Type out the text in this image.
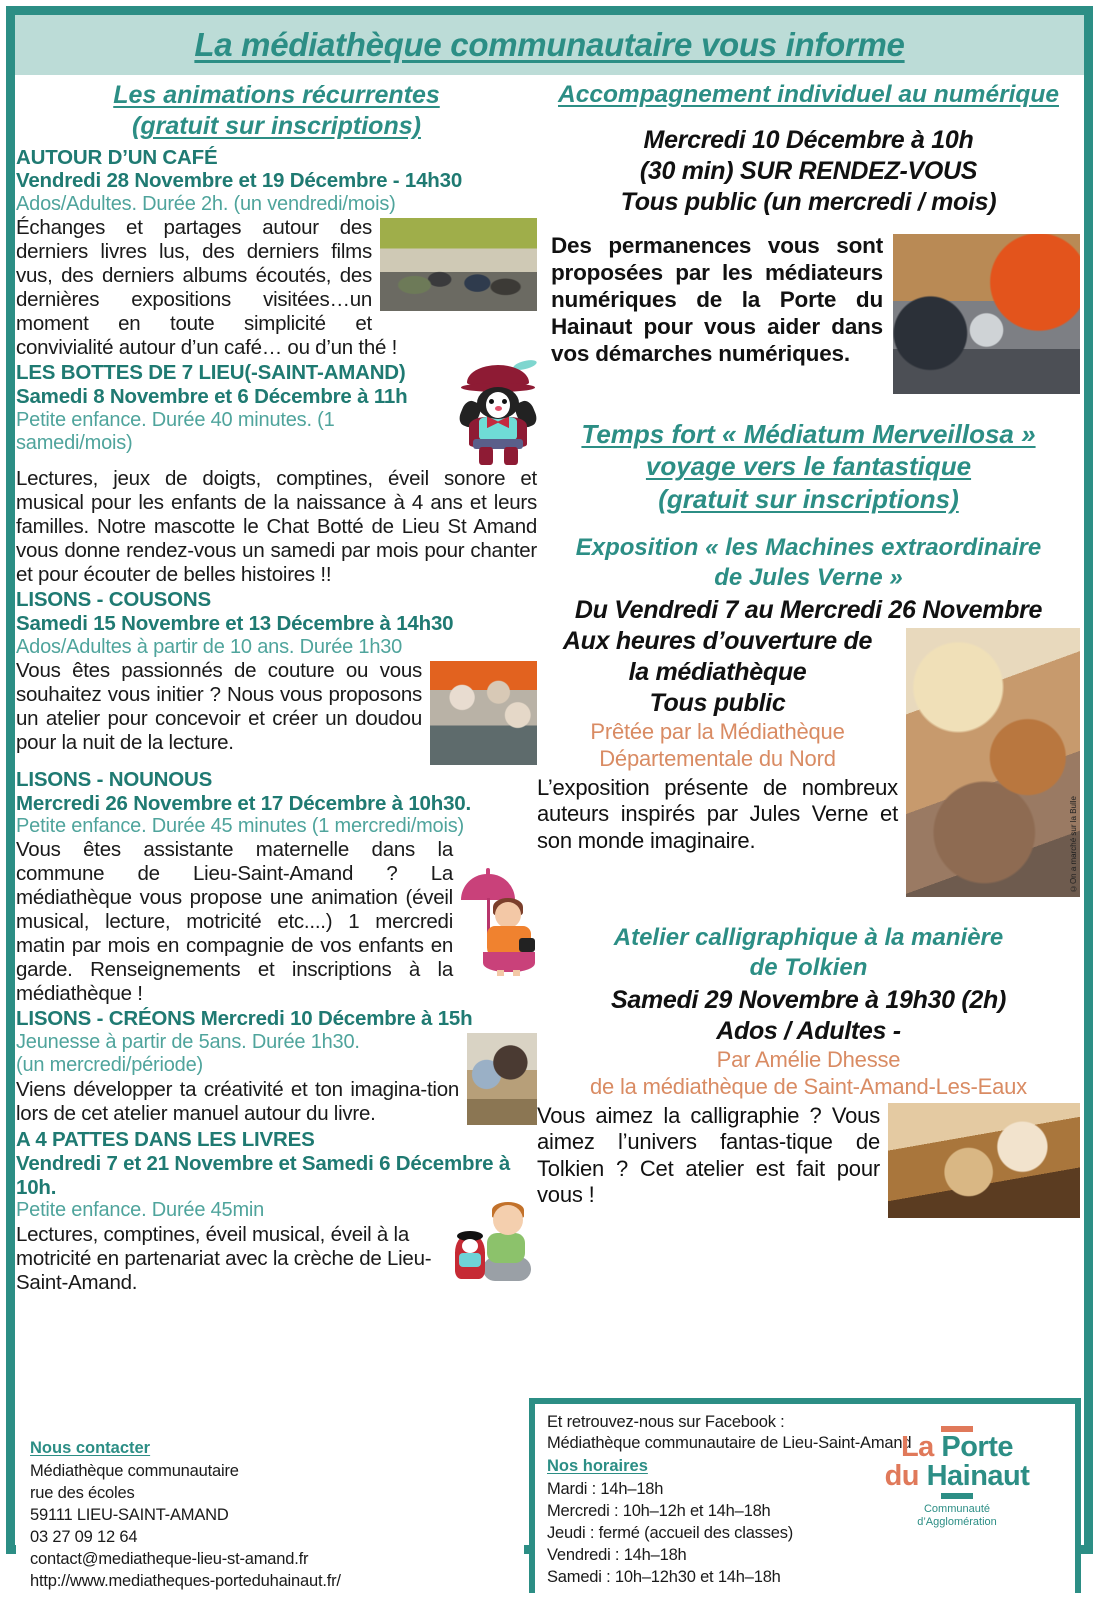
La médiathèque communautaire vous informe
Les animations récurrentes
(gratuit sur inscriptions)
AUTOUR D’UN CAFÉ
Vendredi 28 Novembre et 19 Décembre - 14h30
Ados/Adultes. Durée 2h. (un vendredi/mois)
Échanges et partages autour des derniers livres lus, des derniers films vus, des derniers albums écoutés, des dernières expositions visitées…un moment en toute simplicité et convivialité autour d’un café… ou d’un thé !
LES BOTTES DE 7 LIEU(-SAINT-AMAND)
Samedi 8 Novembre et 6 Décembre à 11h
Petite enfance. Durée 40 minutes. (1 samedi/mois)
Lectures, jeux de doigts, comptines, éveil sonore et musical pour les enfants de la naissance à 4 ans et leurs familles. Notre mascotte le Chat Botté de Lieu St Amand vous donne rendez-vous un samedi par mois pour chanter et pour écouter de belles histoires !!
LISONS - COUSONS
Samedi 15 Novembre et 13 Décembre à 14h30
Ados/Adultes à partir de 10 ans. Durée 1h30
Vous êtes passionnés de couture ou vous souhaitez vous initier ? Nous vous proposons un atelier pour concevoir et créer un doudou pour la nuit de la lecture.
LISONS - NOUNOUS
Mercredi 26 Novembre et 17 Décembre à 10h30.
Petite enfance. Durée 45 minutes (1 mercredi/mois)
Vous êtes assistante maternelle dans la commune de Lieu-Saint-Amand ? La médiathèque vous propose une animation (éveil musical, lecture, motricité etc....) 1 mercredi matin par mois en compagnie de vos enfants en garde. Renseignements et inscriptions à la médiathèque !
LISONS - CRÉONS Mercredi 10 Décembre à 15h
Jeunesse à partir de 5ans. Durée 1h30.
(un mercredi/période)
Viens développer ta créativité et ton imagina-tion lors de cet atelier manuel autour du livre.
A 4 PATTES DANS LES LIVRES
Vendredi 7 et 21 Novembre et Samedi 6 Décembre à 10h.
Petite enfance. Durée 45min
Lectures, comptines, éveil musical, éveil à la motricité en partenariat avec la crèche de Lieu-Saint-Amand.
Accompagnement individuel au numérique
Mercredi 10 Décembre à 10h
(30 min) SUR RENDEZ-VOUS
Tous public (un mercredi / mois)
Des permanences vous sont proposées par les médiateurs numériques de la Porte du Hainaut pour vous aider dans vos démarches numériques.
Temps fort « Médiatum Merveillosa »
voyage vers le fantastique
(gratuit sur inscriptions)
Exposition « les Machines extraordinaire
de Jules Verne »
Du Vendredi 7 au Mercredi 26 Novembre
©On a marché sur la Bulle
Aux heures d’ouverture de
la médiathèque
Tous public
Prêtée par la Médiathèque
Départementale du Nord
L’exposition présente de nombreux auteurs inspirés par Jules Verne et son monde imaginaire.
Atelier calligraphique à la manière
de Tolkien
Samedi 29 Novembre à 19h30 (2h)
Ados / Adultes -
Par Amélie Dhesse
de la médiathèque de Saint-Amand-Les-Eaux
Vous aimez la calligraphie ? Vous aimez l’univers fantas-tique de Tolkien ? Cet atelier est fait pour vous !
Nous contacter
Médiathèque communautaire
rue des écoles
59111 LIEU-SAINT-AMAND
03 27 09 12 64
contact@mediatheque-lieu-st-amand.fr
http://www.mediatheques-porteduhainaut.fr/
Et retrouvez-nous sur Facebook :
Médiathèque communautaire de Lieu-Saint-Amand
Nos horaires
Mardi : 14h–18h
Mercredi : 10h–12h et 14h–18h
Jeudi : fermé (accueil des classes)
Vendredi : 14h–18h
Samedi : 10h–12h30 et 14h–18h
La Porte
du Hainaut
Communauté
d’Agglomération
